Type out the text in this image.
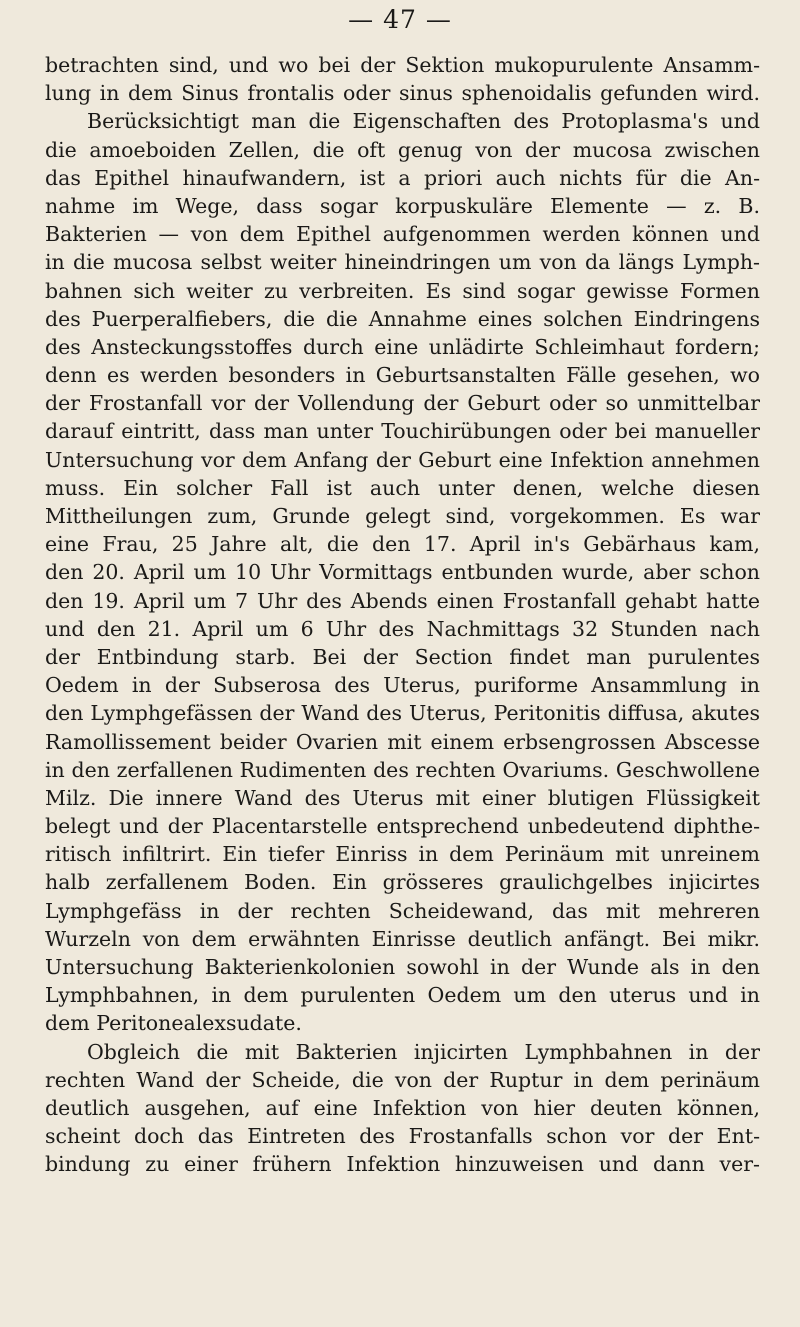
— 47 —
betrachten sind, und wo bei der Sektion mukopurulente Ansamm-
lung in dem Sinus frontalis oder sinus sphenoidalis gefunden wird.
Berücksichtigt man die Eigenschaften des Protoplasma's und
die amoeboiden Zellen, die oft genug von der mucosa zwischen
das Epithel hinaufwandern, ist a priori auch nichts für die An-
nahme im Wege, dass sogar korpuskuläre Elemente — z. B.
Bakterien — von dem Epithel aufgenommen werden können und
in die mucosa selbst weiter hineindringen um von da längs Lymph-
bahnen sich weiter zu verbreiten. Es sind sogar gewisse Formen
des Puerperalfiebers, die die Annahme eines solchen Eindringens
des Ansteckungsstoffes durch eine unlädirte Schleimhaut fordern;
denn es werden besonders in Geburtsanstalten Fälle gesehen, wo
der Frostanfall vor der Vollendung der Geburt oder so unmittelbar
darauf eintritt, dass man unter Touchirübungen oder bei manueller
Untersuchung vor dem Anfang der Geburt eine Infektion annehmen
muss. Ein solcher Fall ist auch unter denen, welche diesen
Mittheilungen zum, Grunde gelegt sind, vorgekommen. Es war
eine Frau, 25 Jahre alt, die den 17. April in's Gebärhaus kam,
den 20. April um 10 Uhr Vormittags entbunden wurde, aber schon
den 19. April um 7 Uhr des Abends einen Frostanfall gehabt hatte
und den 21. April um 6 Uhr des Nachmittags 32 Stunden nach
der Entbindung starb. Bei der Section findet man purulentes
Oedem in der Subserosa des Uterus, puriforme Ansammlung in
den Lymphgefässen der Wand des Uterus, Peritonitis diffusa, akutes
Ramollissement beider Ovarien mit einem erbsengrossen Abscesse
in den zerfallenen Rudimenten des rechten Ovariums. Geschwollene
Milz. Die innere Wand des Uterus mit einer blutigen Flüssigkeit
belegt und der Placentarstelle entsprechend unbedeutend diphthe-
ritisch infiltrirt. Ein tiefer Einriss in dem Perinäum mit unreinem
halb zerfallenem Boden. Ein grösseres graulichgelbes injicirtes
Lymphgefäss in der rechten Scheidewand, das mit mehreren
Wurzeln von dem erwähnten Einrisse deutlich anfängt. Bei mikr.
Untersuchung Bakterienkolonien sowohl in der Wunde als in den
Lymphbahnen, in dem purulenten Oedem um den uterus und in
dem Peritonealexsudate.
Obgleich die mit Bakterien injicirten Lymphbahnen in der
rechten Wand der Scheide, die von der Ruptur in dem perinäum
deutlich ausgehen, auf eine Infektion von hier deuten können,
scheint doch das Eintreten des Frostanfalls schon vor der Ent-
bindung zu einer frühern Infektion hinzuweisen und dann ver-
